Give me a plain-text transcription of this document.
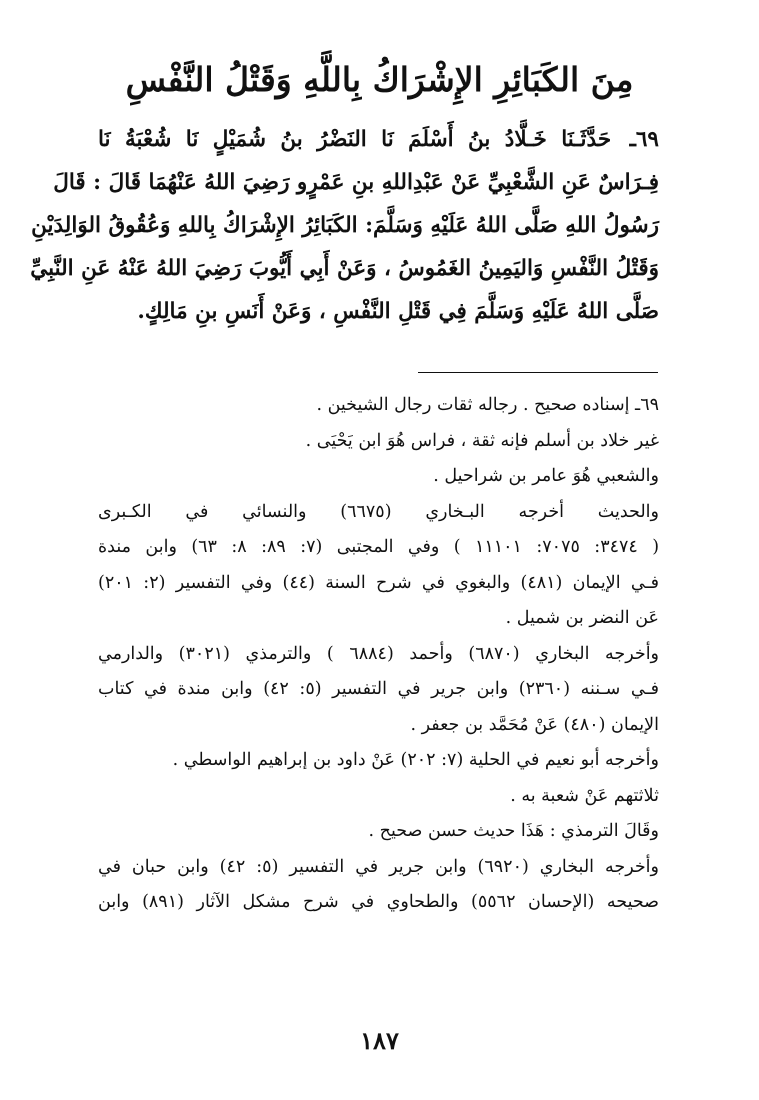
مِنَ الكَبَائِرِ الإِشْرَاكُ بِاللَّهِ وَقَتْلُ النَّفْسِ
٦٩ـ حَدَّثَـنَا خَـلَّادُ بنُ أَسْلَمَ نَا النَضْرُ بنُ شُمَيْلٍ نَا شُعْبَةُ نَا
فِـرَاسٌ عَنِ الشَّعْبِيِّ عَنْ عَبْدِاللهِ بنِ عَمْرٍو رَضِيَ اللهُ عَنْهُمَا قَالَ : قَالَ
رَسُولُ اللهِ صَلَّى اللهُ عَلَيْهِ وَسَلَّمَ: الكَبَائِرُ الإِشْرَاكُ بِاللهِ وَعُقُوقُ الوَالِدَيْنِ
وَقَتْلُ النَّفْسِ وَاليَمِينُ الغَمُوسُ ، وَعَنْ أَبِي أَيُّوبَ رَضِيَ اللهُ عَنْهُ عَنِ النَّبِيِّ
صَلَّى اللهُ عَلَيْهِ وَسَلَّمَ فِي قَتْلِ النَّفْسِ ، وَعَنْ أَنَسِ بنِ مَالِكٍ.
٦٩ـ إسناده صحيح . رجاله ثقات رجال الشيخين .
غير خلاد بن أسلم فإنه ثقة ، فراس هُوَ ابن يَحْيَى .
والشعبي هُوَ عامر بن شراحيل .
والحديث أخرجه البـخاري (٦٦٧٥) والنسائي في الكـبرى
( ٣٤٧٤: ٧٠٧٥: ١١١٠١ ) وفي المجتبى (٧: ٨٩: ٨: ٦٣) وابن مندة
فـي الإيمان (٤٨١) والبغوي في شرح السنة (٤٤) وفي التفسير (٢: ٢٠١)
عَن النضر بن شميل .
وأخرجه البخاري (٦٨٧٠) وأحمد (٦٨٨٤ ) والترمذي (٣٠٢١) والدارمي
فـي سـننه (٢٣٦٠) وابن جرير في التفسير (٥: ٤٢) وابن مندة في كتاب
الإيمان (٤٨٠) عَنْ مُحَمَّد بن جعفر .
وأخرجه أبو نعيم في الحلية (٧: ٢٠٢) عَنْ داود بن إبراهيم الواسطي .
ثلاثتهم عَنْ شعبة به .
وقَالَ الترمذي : هَذَا حديث حسن صحيح .
وأخرجه البخاري (٦٩٢٠) وابن جرير في التفسير (٥: ٤٢) وابن حبان في
صحيحه (الإحسان ٥٥٦٢) والطحاوي في شرح مشكل الآثار (٨٩١) وابن
١٨٧
